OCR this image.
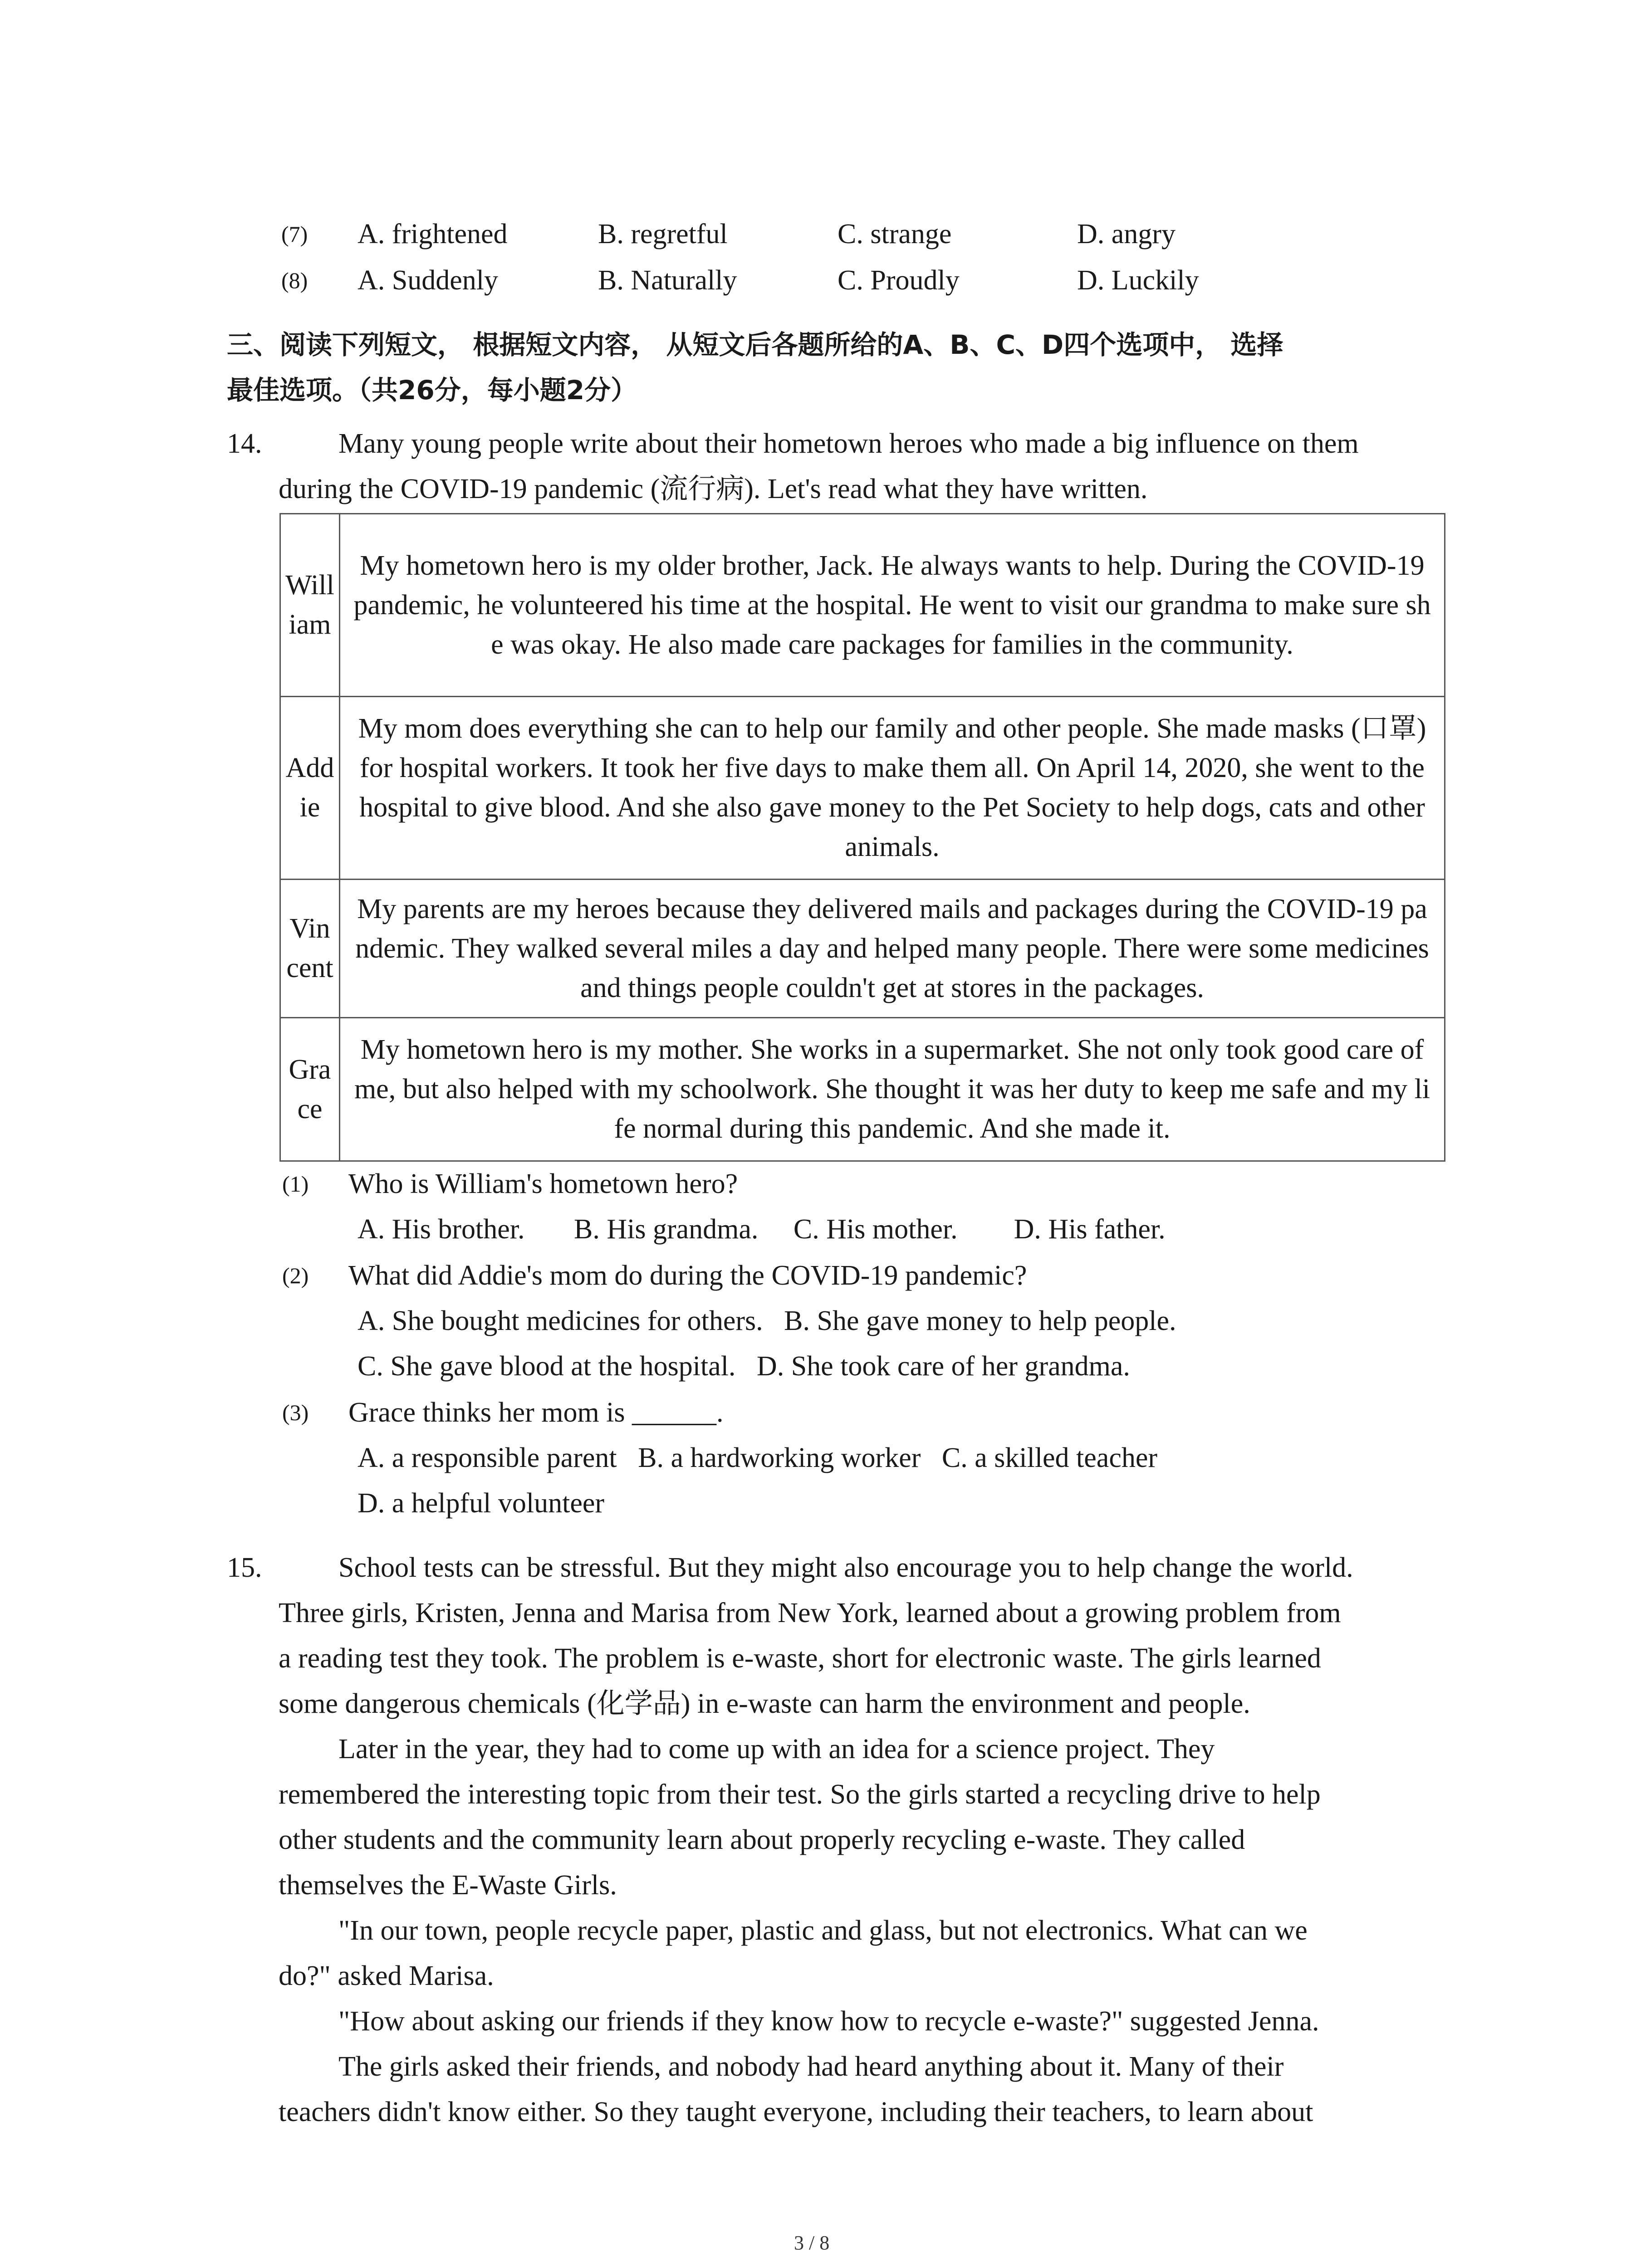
(7) A. frightened	B. regretful	C. strange	D. angry
(8) A. Suddenly	B. Naturally	C. Proudly	D. Luckily
三、阅读下列短文， 根据短文内容， 从短文后各题所给的A、B、C、D四个选项中， 选择
最佳选项。（共26分，每小题2分）
14.	Many young people write about their hometown heroes who made a big influence on them
during the COVID-19 pandemic (流行病). Let's read what they have written.
William	My hometown hero is my older brother, Jack. He always wants to help. During the COVID-19 pandemic, he volunteered his time at the hospital. He went to visit our grandma to make sure she was okay. He also made care packages for families in the community.
Addie	My mom does everything she can to help our family and other people. She made masks (口罩) for hospital workers. It took her five days to make them all. On April 14, 2020, she went to the hospital to give blood. And she also gave money to the Pet Society to help dogs, cats and other animals.
Vincent	My parents are my heroes because they delivered mails and packages during the COVID-19 pandemic. They walked several miles a day and helped many people. There were some medicines and things people couldn't get at stores in the packages.
Grace	My hometown hero is my mother. She works in a supermarket. She not only took good care of me, but also helped with my schoolwork. She thought it was her duty to keep me safe and my life normal during this pandemic. And she made it.
(1) Who is William's hometown hero?
A. His brother.       B. His grandma.     C. His mother.        D. His father.
(2) What did Addie's mom do during the COVID-19 pandemic?
A. She bought medicines for others.   B. She gave money to help people.
C. She gave blood at the hospital.   D. She took care of her grandma.
(3) Grace thinks her mom is ______.
A. a responsible parent   B. a hardworking worker   C. a skilled teacher
D. a helpful volunteer
15.	School tests can be stressful. But they might also encourage you to help change the world.
Three girls, Kristen, Jenna and Marisa from New York, learned about a growing problem from
a reading test they took. The problem is e-waste, short for electronic waste. The girls learned
some dangerous chemicals (化学品) in e-waste can harm the environment and people.
Later in the year, they had to come up with an idea for a science project. They
remembered the interesting topic from their test. So the girls started a recycling drive to help
other students and the community learn about properly recycling e-waste. They called
themselves the E-Waste Girls.
"In our town, people recycle paper, plastic and glass, but not electronics. What can we
do?" asked Marisa.
"How about asking our friends if they know how to recycle e-waste?" suggested Jenna.
The girls asked their friends, and nobody had heard anything about it. Many of their
teachers didn't know either. So they taught everyone, including their teachers, to learn about
3 / 8
